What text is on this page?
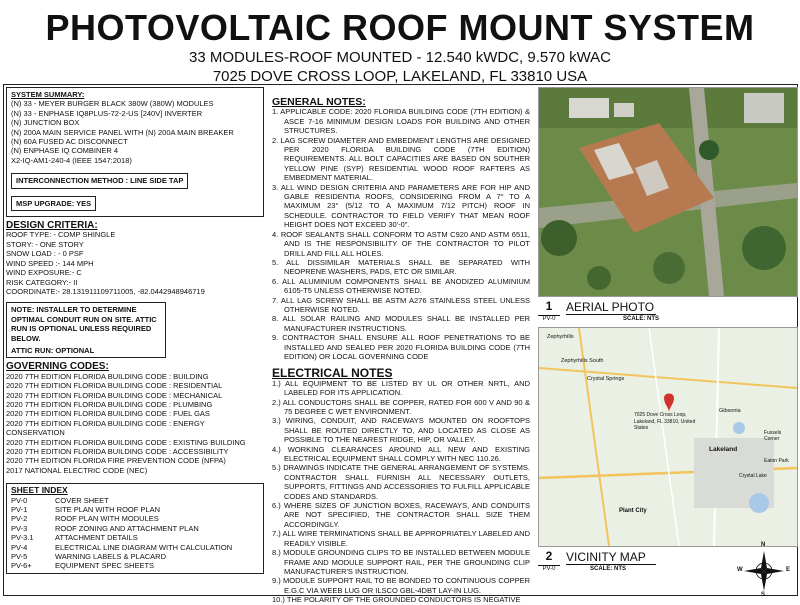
PHOTOVOLTAIC ROOF MOUNT SYSTEM
33 MODULES-ROOF MOUNTED - 12.540 kWDC, 9.570 kWAC
7025 DOVE CROSS LOOP, LAKELAND, FL 33810 USA
SYSTEM SUMMARY:
(N) 33 - MEYER BURGER BLACK 380W (380W) MODULES
(N) 33 - ENPHASE IQ8PLUS-72-2-US [240V] INVERTER
(N) JUNCTION BOX
(N) 200A MAIN SERVICE PANEL WITH (N) 200A MAIN BREAKER
(N) 60A FUSED AC DISCONNECT
(N) ENPHASE IQ COMBINER 4
X2-IQ-AM1-240-4 (IEEE 1547:2018)
INTERCONNECTION METHOD : LINE SIDE TAP
MSP UPGRADE: YES
DESIGN CRITERIA:
ROOF TYPE: - COMP SHINGLE
STORY: - ONE STORY
SNOW LOAD : - 0 PSF
WIND SPEED :- 144 MPH
WIND EXPOSURE:- C
RISK CATEGORY:- II
COORDINATE:- 28.131911109711005, -82.0442948946719
NOTE: INSTALLER TO DETERMINE OPTIMAL CONDUIT RUN ON SITE. ATTIC RUN IS OPTIONAL UNLESS REQUIRED BELOW.
ATTIC RUN: OPTIONAL
GOVERNING CODES:
2020 7TH EDITION FLORIDA BUILDING CODE : BUILDING
2020 7TH EDITION FLORIDA BUILDING CODE : RESIDENTIAL
2020 7TH EDITION FLORIDA BUILDING CODE : MECHANICAL
2020 7TH EDITION FLORIDA BUILDING CODE : PLUMBING
2020 7TH EDITION FLORIDA BUILDING CODE : FUEL GAS
2020 7TH EDITION FLORIDA BUILDING CODE : ENERGY CONSERVATION
2020 7TH EDITION FLORIDA BUILDING CODE : EXISTING BUILDING
2020 7TH EDITION FLORIDA BUILDING CODE : ACCESSIBILITY
2020 7TH EDITION FLORIDA FIRE PREVENTION CODE (NFPA)
2017 NATIONAL ELECTRIC CODE (NEC)
SHEET INDEX
PV-0	COVER SHEET
PV-1	SITE PLAN WITH ROOF PLAN
PV-2	ROOF PLAN WITH MODULES
PV-3	ROOF ZONING AND ATTACHMENT PLAN
PV-3.1	ATTACHMENT DETAILS
PV-4	ELECTRICAL LINE DIAGRAM WITH CALCULATION
PV-5	WARNING LABELS & PLACARD
PV-6+	EQUIPMENT SPEC SHEETS
GENERAL NOTES:
1. APPLICABLE CODE: 2020 FLORIDA BUILDING CODE (7TH EDITION) & ASCE 7-16 MINIMUM DESIGN LOADS FOR BUILDING AND OTHER STRUCTURES.
2. LAG SCREW DIAMETER AND EMBEDMENT LENGTHS ARE DESIGNED PER 2020 FLORIDA BUILDING CODE (7TH EDITION) REQUIREMENTS. ALL BOLT CAPACITIES ARE BASED ON SOUTHER YELLOW PINE (SYP) RESIDENTIAL WOOD ROOF RAFTERS AS EMBEDMENT MATERIAL.
3. ALL WIND DESIGN CRITERIA AND PARAMETERS ARE FOR HIP AND GABLE RESIDENTIA ROOFS, CONSIDERING FROM A 7° TO A MAXIMUM 23° (5/12 TO A MAXIMUM 7/12 PITCH) ROOF IN SCHEDULE. CONTRACTOR TO FIELD VERIFY THAT MEAN ROOF HEIGHT DOES NOT EXCEED 30'-0".
4. ROOF SEALANTS SHALL CONFORM TO ASTM C920 AND ASTM 6511, AND IS THE RESPONSIBILITY OF THE CONTRACTOR TO PILOT DRILL AND FILL ALL HOLES.
5. ALL DISSIMILAR MATERIALS SHALL BE SEPARATED WITH NEOPRENE WASHERS, PADS, ETC OR SIMILAR.
6. ALL ALUMINIUM COMPONENTS SHALL BE ANODIZED ALUMINIUM 6105-T5 UNLESS OTHERWISE NOTED.
7. ALL LAG SCREW SHALL BE ASTM A276 STAINLESS STEEL UNLESS OTHERWISE NOTED.
8. ALL SOLAR RAILING AND MODULES SHALL BE INSTALLED PER MANUFACTURER INSTRUCTIONS.
9. CONTRACTOR SHALL ENSURE ALL ROOF PENETRATIONS TO BE INSTALLED AND SEALED PER 2020 FLORIDA BUILDING CODE (7TH EDITION) OR LOCAL GOVERNING CODE
ELECTRICAL NOTES
1.) ALL EQUIPMENT TO BE LISTED BY UL OR OTHER NRTL, AND LABELED FOR ITS APPLICATION.
2.) ALL CONDUCTORS SHALL BE COPPER, RATED FOR 600 V AND 90 & 75 DEGREE C WET ENVIRONMENT.
3.) WIRING, CONDUIT, AND RACEWAYS MOUNTED ON ROOFTOPS SHALL BE ROUTED DIRECTLY TO, AND LOCATED AS CLOSE AS POSSIBLE TO THE NEAREST RIDGE, HIP, OR VALLEY.
4.) WORKING CLEARANCES AROUND ALL NEW AND EXISTING ELECTRICAL EQUIPMENT SHALL COMPLY WITH NEC 110.26.
5.) DRAWINGS INDICATE THE GENERAL ARRANGEMENT OF SYSTEMS. CONTRACTOR SHALL FURNISH ALL NECESSARY OUTLETS, SUPPORTS, FITTINGS AND ACCESSORIES TO FULFILL APPLICABLE CODES AND STANDARDS.
6.) WHERE SIZES OF JUNCTION BOXES, RACEWAYS, AND CONDUITS ARE NOT SPECIFIED, THE CONTRACTOR SHALL SIZE THEM ACCORDINGLY.
7.) ALL WIRE TERMINATIONS SHALL BE APPROPRIATELY LABELED AND READILY VISIBLE.
8.) MODULE GROUNDING CLIPS TO BE INSTALLED BETWEEN MODULE FRAME AND MODULE SUPPORT RAIL, PER THE GROUNDING CLIP MANUFACTURER'S INSTRUCTION.
9.) MODULE SUPPORT RAIL TO BE BONDED TO CONTINUOUS COPPER E.G.C VIA WEEB LUG OR ILSCO GBL-4DBT LAY-IN LUG.
10.) THE POLARITY OF THE GROUNDED CONDUCTORS IS NEGATIVE
1
PV-0
AERIAL PHOTO
SCALE: NTS
Zephyrhills
Zephyrhills South
Crystal Springs
Gibsonia
Lakeland
Plant City
Fussels Corner
Eaton Park
Crystal Lake
7025 Dove Cross Loop, Lakeland, FL 33810, United States
2
PV-0
VICINITY MAP
SCALE: NTS
N
S
W	E
